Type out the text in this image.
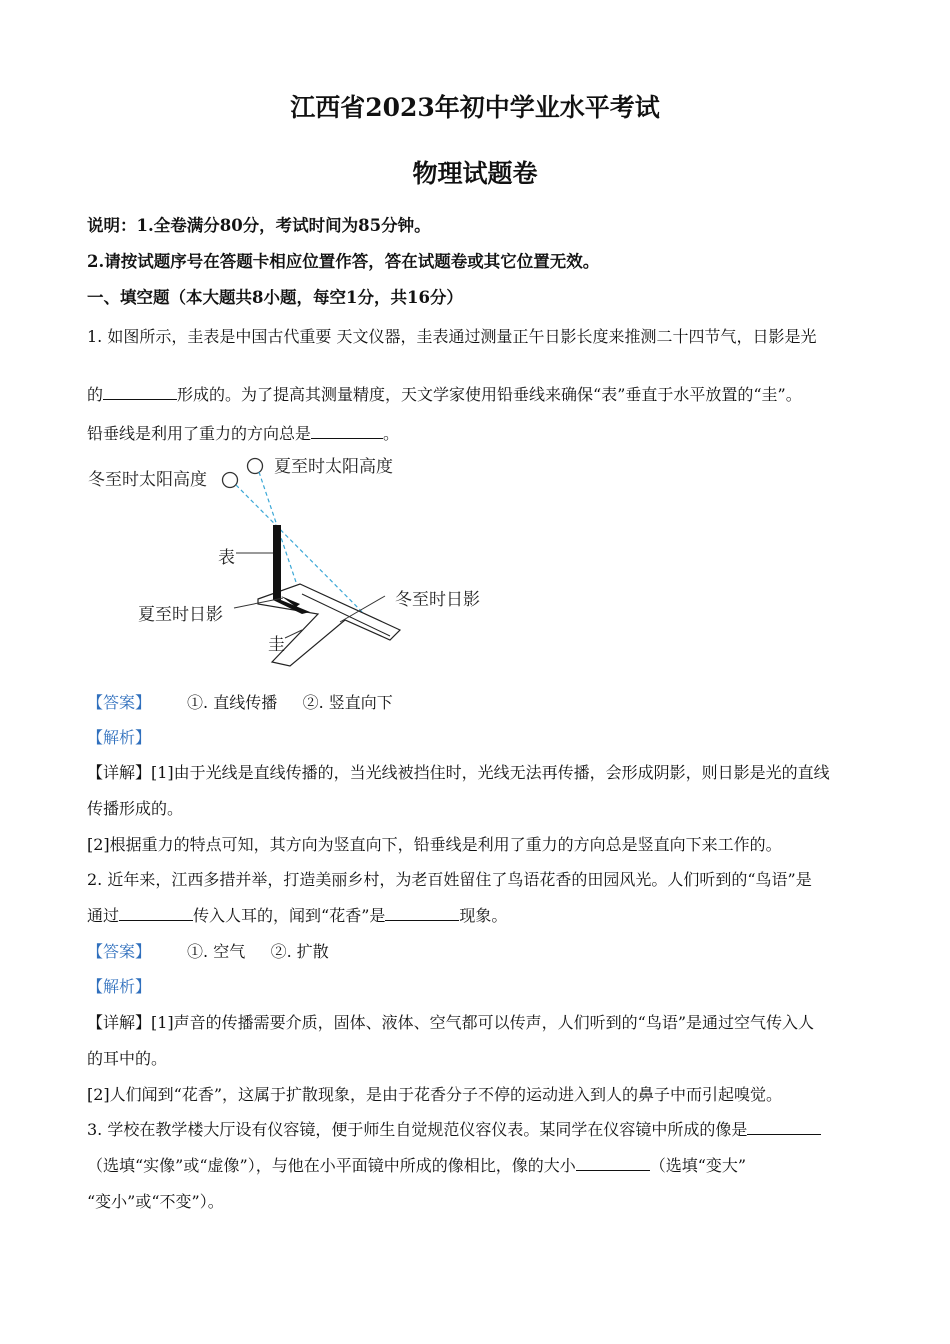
江西省2023年初中学业水平考试
物理试题卷
说明：1.全卷满分80分，考试时间为85分钟。
2.请按试题序号在答题卡相应位置作答，答在试题卷或其它位置无效。
一、填空题（本大题共8小题，每空1分，共16分）
1. 如图所示，圭表是中国古代重要 天文仪器，圭表通过测量正午日影长度来推测二十四节气，日影是光
的	形成的。为了提高其测量精度，天文学家使用铅垂线来确保“表”垂直于水平放置的“圭”。
铅垂线是利用了重力的方向总是	。
冬至时太阳高度
夏至时太阳高度
表
冬至时日影
夏至时日影
圭
【答案】 ①. 直线传播     ②. 竖直向下
【解析】
【详解】[1]由于光线是直线传播的，当光线被挡住时，光线无法再传播，会形成阴影，则日影是光的直线
传播形成的。
[2]根据重力的特点可知，其方向为竖直向下，铅垂线是利用了重力的方向总是竖直向下来工作的。
2. 近年来，江西多措并举，打造美丽乡村，为老百姓留住了鸟语花香的田园风光。人们听到的“鸟语”是
通过	传入人耳的，闻到“花香”是	现象。
【答案】 ①. 空气     ②. 扩散
【解析】
【详解】[1]声音的传播需要介质，固体、液体、空气都可以传声，人们听到的“鸟语”是通过空气传入人
的耳中的。
[2]人们闻到“花香”，这属于扩散现象，是由于花香分子不停的运动进入到人的鼻子中而引起嗅觉。
3. 学校在教学楼大厅设有仪容镜，便于师生自觉规范仪容仪表。某同学在仪容镜中所成的像是
（选填“实像”或“虚像”），与他在小平面镜中所成的像相比，像的大小	（选填“变大”
“变小”或“不变”）。
